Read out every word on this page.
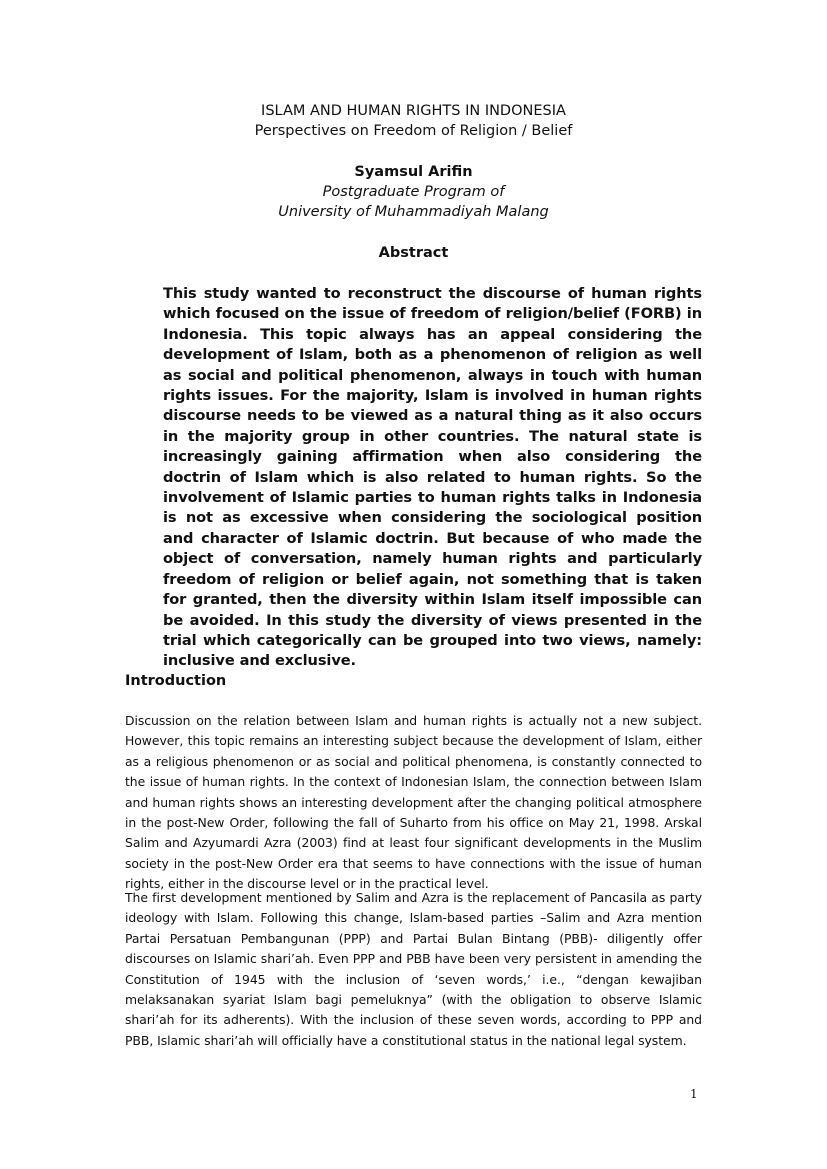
ISLAM AND HUMAN RIGHTS IN INDONESIA
Perspectives on Freedom of Religion / Belief
Syamsul Arifin
Postgraduate Program of
University of Muhammadiyah Malang
Abstract
This study wanted to reconstruct the discourse of human rights which focused on the issue of freedom of religion/belief (FORB) in Indonesia. This topic always has an appeal considering the development of Islam, both as a phenomenon of religion as well as social and political phenomenon, always in touch with human rights issues. For the majority, Islam is involved in human rights discourse needs to be viewed as a natural thing as it also occurs in the majority group in other countries. The natural state is increasingly gaining affirmation when also considering the doctrin of Islam which is also related to human rights. So the involvement of Islamic parties to human rights talks in Indonesia is not as excessive when considering the sociological position and character of Islamic doctrin. But because of who made the object of conversation, namely human rights and particularly freedom of religion or belief again, not something that is taken for granted, then the diversity within Islam itself impossible can be avoided. In this study the diversity of views presented in the trial which categorically can be grouped into two views, namely: inclusive and exclusive.
Introduction
Discussion on the relation between Islam and human rights is actually not a new subject. However, this topic remains an interesting subject because the development of Islam, either as a religious phenomenon or as social and political phenomena, is constantly connected to the issue of human rights. In the context of Indonesian Islam, the connection between Islam and human rights shows an interesting development after the changing political atmosphere in the post-New Order, following the fall of Suharto from his office on May 21, 1998. Arskal Salim and Azyumardi Azra (2003) find at least four significant developments in the Muslim society in the post-New Order era that seems to have connections with the issue of human rights, either in the discourse level or in the practical level.
The first development mentioned by Salim and Azra is the replacement of Pancasila as party ideology with Islam. Following this change, Islam-based parties –Salim and Azra mention Partai Persatuan Pembangunan (PPP) and Partai Bulan Bintang (PBB)- diligently offer discourses on Islamic shari’ah. Even PPP and PBB have been very persistent in amending the Constitution of 1945 with the inclusion of ‘seven words,’ i.e., “dengan kewajiban melaksanakan syariat Islam bagi pemeluknya” (with the obligation to observe Islamic shari’ah for its adherents). With the inclusion of these seven words, according to PPP and PBB, Islamic shari’ah will officially have a constitutional status in the national legal system.
1
